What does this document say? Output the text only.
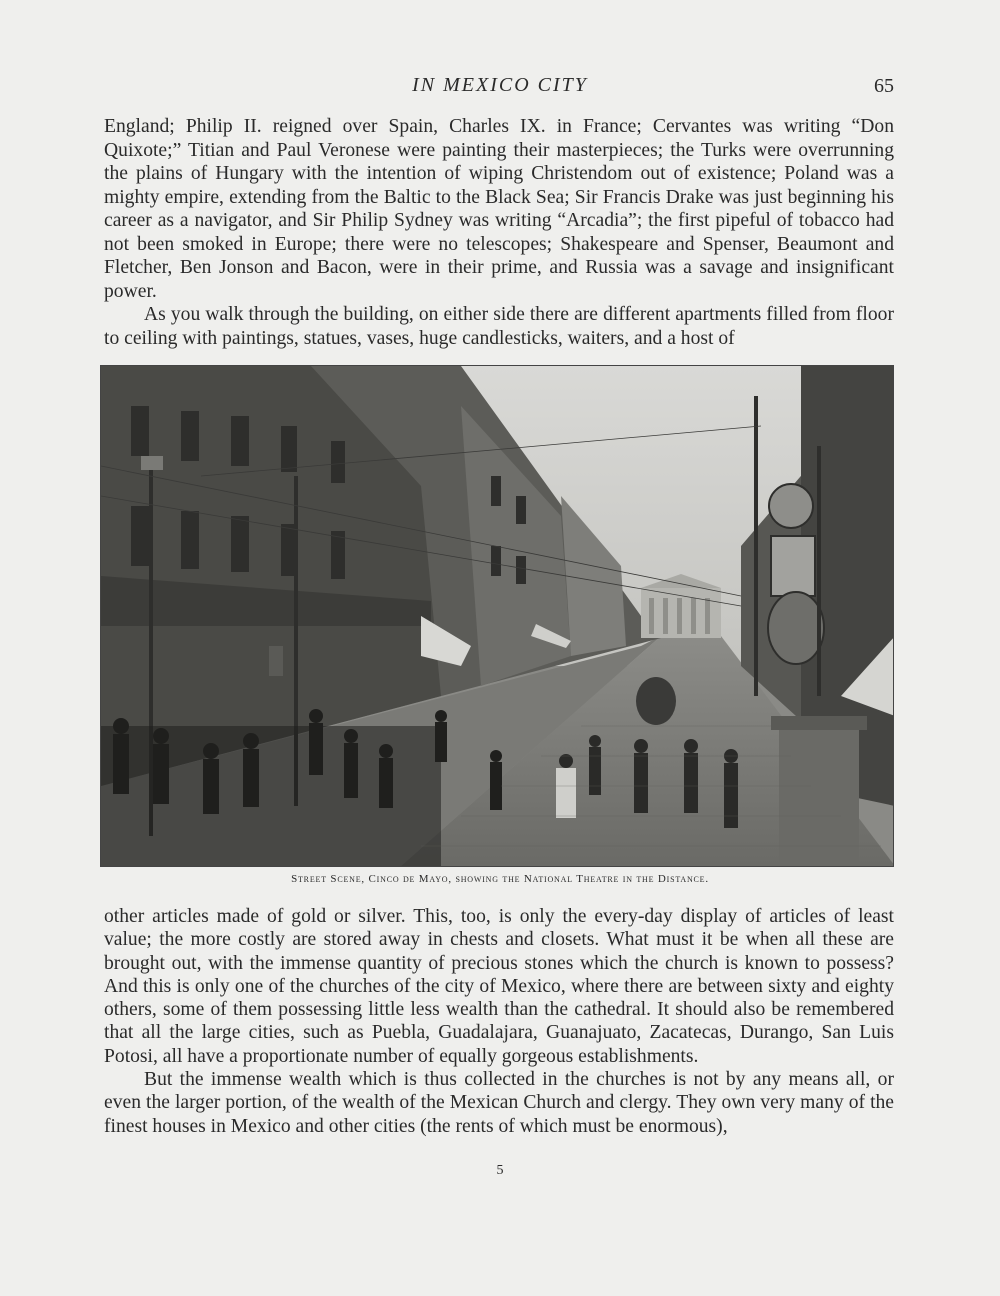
IN MEXICO CITY	65

England; Philip II. reigned over Spain, Charles IX. in France; Cervantes was writing “Don Quixote;” Titian and Paul Veronese were painting their masterpieces; the Turks were overrunning the plains of Hungary with the intention of wiping Christendom out of existence; Poland was a mighty empire, extending from the Baltic to the Black Sea; Sir Francis Drake was just beginning his career as a navigator, and Sir Philip Sydney was writing “Arcadia”; the first pipeful of tobacco had not been smoked in Europe; there were no telescopes; Shakespeare and Spenser, Beaumont and Fletcher, Ben Jonson and Bacon, were in their prime, and Russia was a savage and insignificant power.

As you walk through the building, on either side there are different apartments filled from floor to ceiling with paintings, statues, vases, huge candlesticks, waiters, and a host of

Street Scene, Cinco de Mayo, showing the National Theatre in the Distance.

other articles made of gold or silver. This, too, is only the every-day display of articles of least value; the more costly are stored away in chests and closets. What must it be when all these are brought out, with the immense quantity of precious stones which the church is known to possess? And this is only one of the churches of the city of Mexico, where there are between sixty and eighty others, some of them possessing little less wealth than the cathedral. It should also be remembered that all the large cities, such as Puebla, Guadalajara, Guanajuato, Zacatecas, Durango, San Luis Potosi, all have a proportionate number of equally gorgeous establishments.

But the immense wealth which is thus collected in the churches is not by any means all, or even the larger portion, of the wealth of the Mexican Church and clergy. They own very many of the finest houses in Mexico and other cities (the rents of which must be enormous),

5
